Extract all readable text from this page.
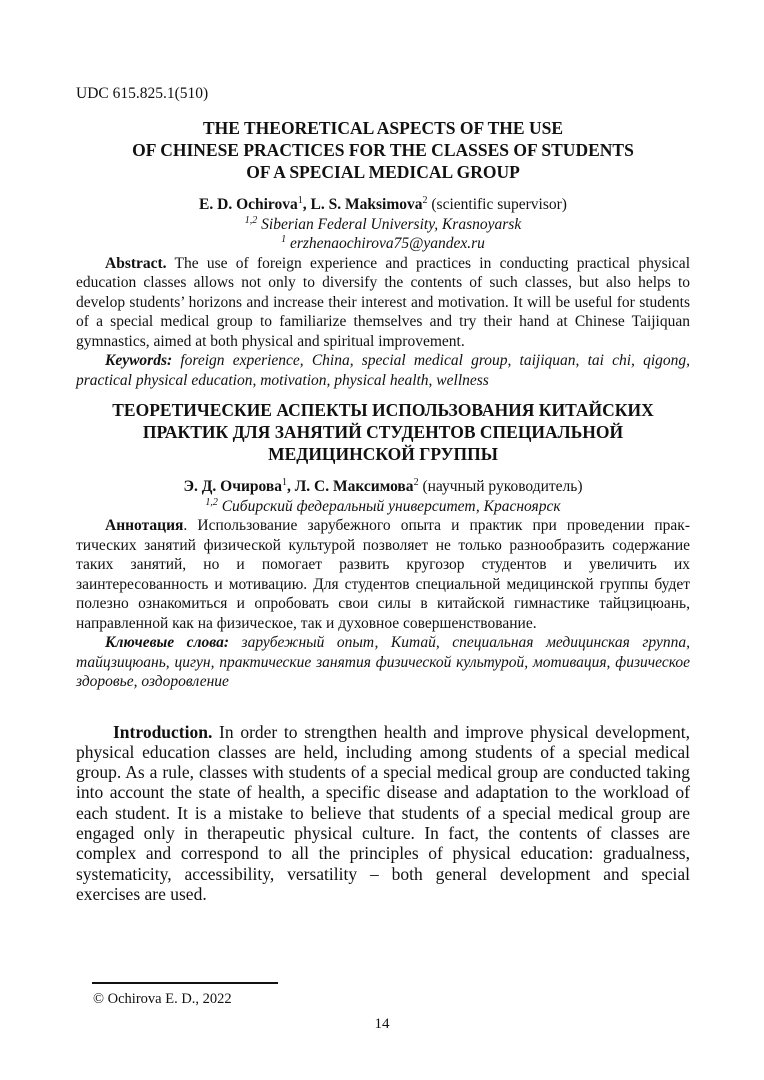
UDC 615.825.1(510)
THE THEORETICAL ASPECTS OF THE USE
OF CHINESE PRACTICES FOR THE CLASSES OF STUDENTS
OF A SPECIAL MEDICAL GROUP
E. D. Ochirova$^1$, L. S. Maksimova$^2$ (scientific supervisor)
$^{1,2}$ Siberian Federal University, Krasnoyarsk
$^1$ erzhenaochirova75@yandex.ru

Abstract. The use of foreign experience and practices in conducting practical physical education classes allows not only to diversify the contents of such classes, but also helps to develop students’ horizons and increase their interest and motivation. It will be useful for students of a special medical group to familiarize themselves and try their hand at Chinese Taijiquan gymnastics, aimed at both physical and spiritual improvement.

Keywords: foreign experience, China, special medical group, taijiquan, tai chi, qigong, practical physical education, motivation, physical health, wellness

ТЕОРЕТИЧЕСКИЕ АСПЕКТЫ ИСПОЛЬЗОВАНИЯ КИТАЙСКИХ
ПРАКТИК ДЛЯ ЗАНЯТИЙ СТУДЕНТОВ СПЕЦИАЛЬНОЙ
МЕДИЦИНСКОЙ ГРУППЫ
Э. Д. Очирова$^1$, Л. С. Максимова$^2$ (научный руководитель)
$^{1,2}$ Сибирский федеральный университет, Красноярск

Аннотация. Использование зарубежного опыта и практик при проведении практических занятий физической культурой позволяет не только разнообразить содержание таких занятий, но и помогает развить кругозор студентов и увеличить их заинтересованность и мотивацию. Для студентов специальной медицинской группы будет полезно ознакомиться и опробовать свои силы в китайской гимнастике тайцзицюань, направленной как на физическое, так и духовное совершенствование.

Ключевые слова: зарубежный опыт, Китай, специальная медицинская группа, тайцзицюань, цигун, практические занятия физической культурой, мотивация, физическое здоровье, оздоровление

Introduction. In order to strengthen health and improve physical development, physical education classes are held, including among students of a special medical group. As a rule, classes with students of a special medical group are conducted taking into account the state of health, a specific disease and adaptation to the workload of each student. It is a mistake to believe that students of a special medical group are engaged only in therapeutic physical culture. In fact, the contents of classes are complex and correspond to all the principles of physical education: gradualness, systematicity, accessibility, versatility – both general development and special exercises are used.

© Ochirova E. D., 2022
14
